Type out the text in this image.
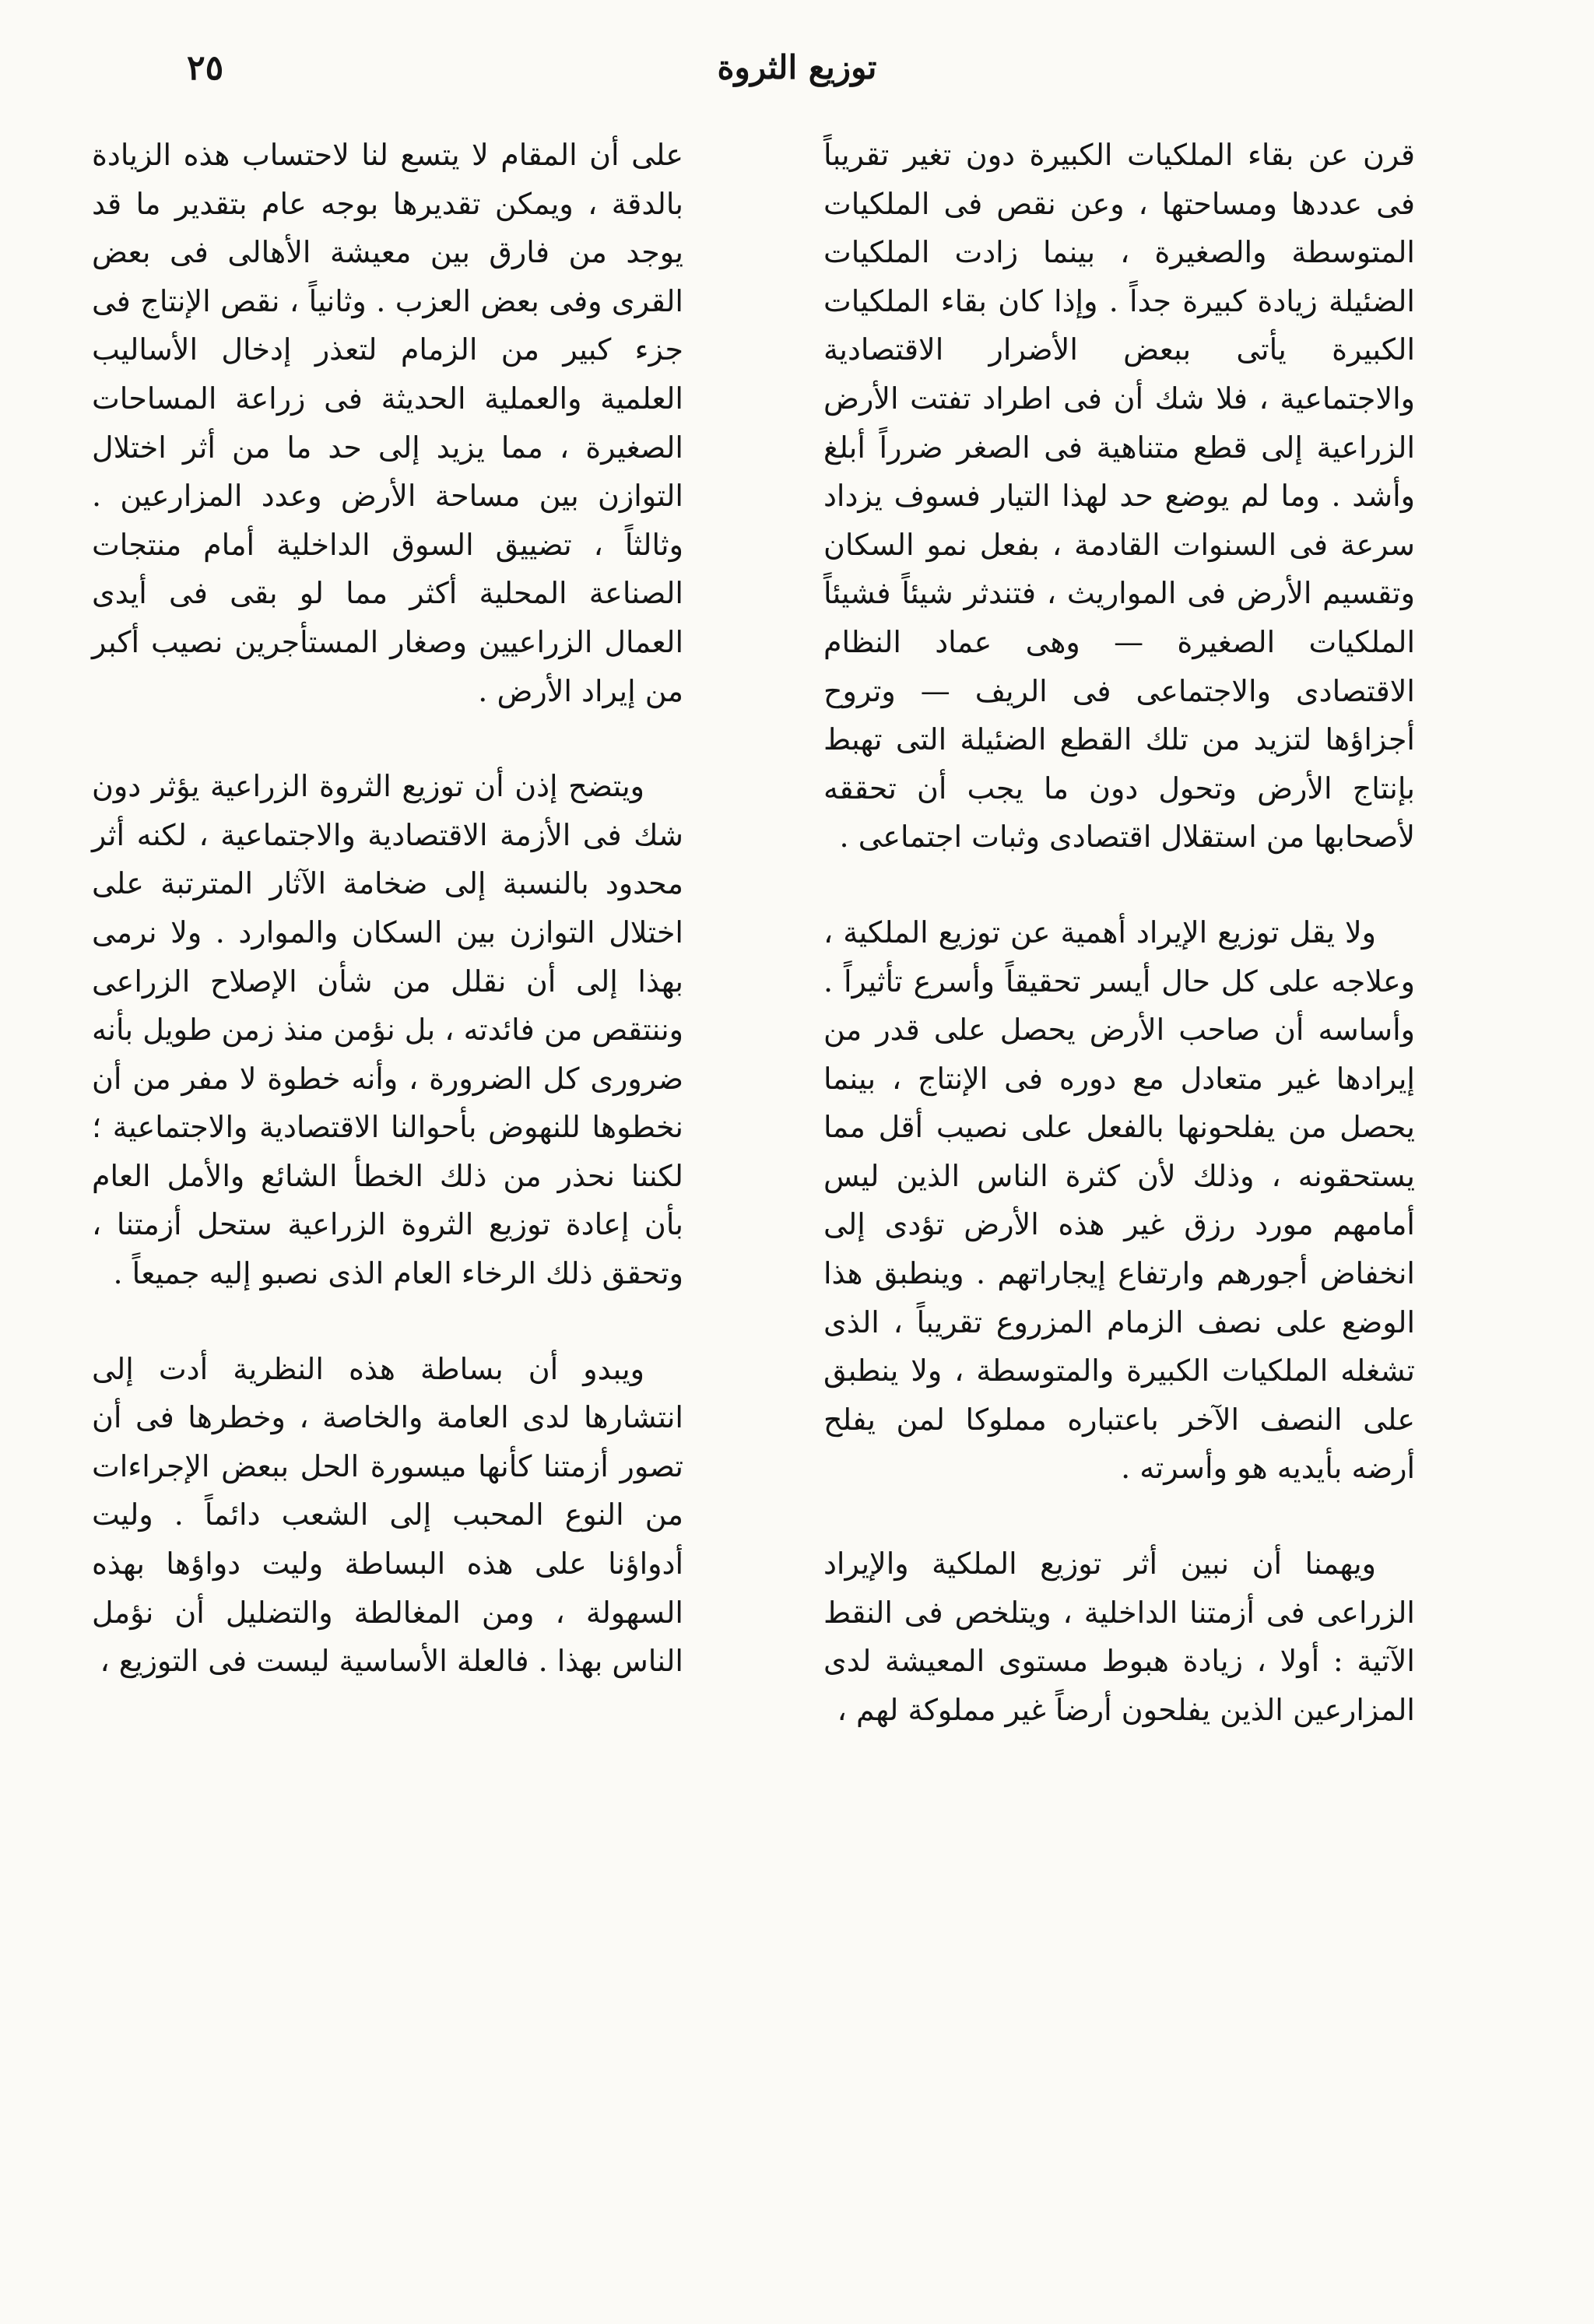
توزيع الثروة
٢٥

قرن عن بقاء الملكيات الكبيرة دون تغير تقريباً فى عددها ومساحتها ، وعن نقص فى الملكيات المتوسطة والصغيرة ، بينما زادت الملكيات الضئيلة زيادة كبيرة جداً . وإذا كان بقاء الملكيات الكبيرة يأتى ببعض الأضرار الاقتصادية والاجتماعية ، فلا شك أن فى اطراد تفتت الأرض الزراعية إلى قطع متناهية فى الصغر ضرراً أبلغ وأشد . وما لم يوضع حد لهذا التيار فسوف يزداد سرعة فى السنوات القادمة ، بفعل نمو السكان وتقسيم الأرض فى المواريث ، فتندثر شيئاً فشيئاً الملكيات الصغيرة — وهى عماد النظام الاقتصادى والاجتماعى فى الريف — وتروح أجزاؤها لتزيد من تلك القطع الضئيلة التى تهبط بإنتاج الأرض وتحول دون ما يجب أن تحققه لأصحابها من استقلال اقتصادى وثبات اجتماعى .

ولا يقل توزيع الإيراد أهمية عن توزيع الملكية ، وعلاجه على كل حال أيسر تحقيقاً وأسرع تأثيراً . وأساسه أن صاحب الأرض يحصل على قدر من إيرادها غير متعادل مع دوره فى الإنتاج ، بينما يحصل من يفلحونها بالفعل على نصيب أقل مما يستحقونه ، وذلك لأن كثرة الناس الذين ليس أمامهم مورد رزق غير هذه الأرض تؤدى إلى انخفاض أجورهم وارتفاع إيجاراتهم . وينطبق هذا الوضع على نصف الزمام المزروع تقريباً ، الذى تشغله الملكيات الكبيرة والمتوسطة ، ولا ينطبق على النصف الآخر باعتباره مملوكا لمن يفلح أرضه بأيديه هو وأسرته .

ويهمنا أن نبين أثر توزيع الملكية والإيراد الزراعى فى أزمتنا الداخلية ، ويتلخص فى النقط الآتية : أولا ، زيادة هبوط مستوى المعيشة لدى المزارعين الذين يفلحون أرضاً غير مملوكة لهم ،

على أن المقام لا يتسع لنا لاحتساب هذه الزيادة بالدقة ، ويمكن تقديرها بوجه عام بتقدير ما قد يوجد من فارق بين معيشة الأهالى فى بعض القرى وفى بعض العزب . وثانياً ، نقص الإنتاج فى جزء كبير من الزمام لتعذر إدخال الأساليب العلمية والعملية الحديثة فى زراعة المساحات الصغيرة ، مما يزيد إلى حد ما من أثر اختلال التوازن بين مساحة الأرض وعدد المزارعين . وثالثاً ، تضييق السوق الداخلية أمام منتجات الصناعة المحلية أكثر مما لو بقى فى أيدى العمال الزراعيين وصغار المستأجرين نصيب أكبر من إيراد الأرض .

ويتضح إذن أن توزيع الثروة الزراعية يؤثر دون شك فى الأزمة الاقتصادية والاجتماعية ، لكنه أثر محدود بالنسبة إلى ضخامة الآثار المترتبة على اختلال التوازن بين السكان والموارد . ولا نرمى بهذا إلى أن نقلل من شأن الإصلاح الزراعى وننتقص من فائدته ، بل نؤمن منذ زمن طويل بأنه ضرورى كل الضرورة ، وأنه خطوة لا مفر من أن نخطوها للنهوض بأحوالنا الاقتصادية والاجتماعية ؛ لكننا نحذر من ذلك الخطأ الشائع والأمل العام بأن إعادة توزيع الثروة الزراعية ستحل أزمتنا ، وتحقق ذلك الرخاء العام الذى نصبو إليه جميعاً .

ويبدو أن بساطة هذه النظرية أدت إلى انتشارها لدى العامة والخاصة ، وخطرها فى أن تصور أزمتنا كأنها ميسورة الحل ببعض الإجراءات من النوع المحبب إلى الشعب دائماً . وليت أدواؤنا على هذه البساطة وليت دواؤها بهذه السهولة ، ومن المغالطة والتضليل أن نؤمل الناس بهذا . فالعلة الأساسية ليست فى التوزيع ،
